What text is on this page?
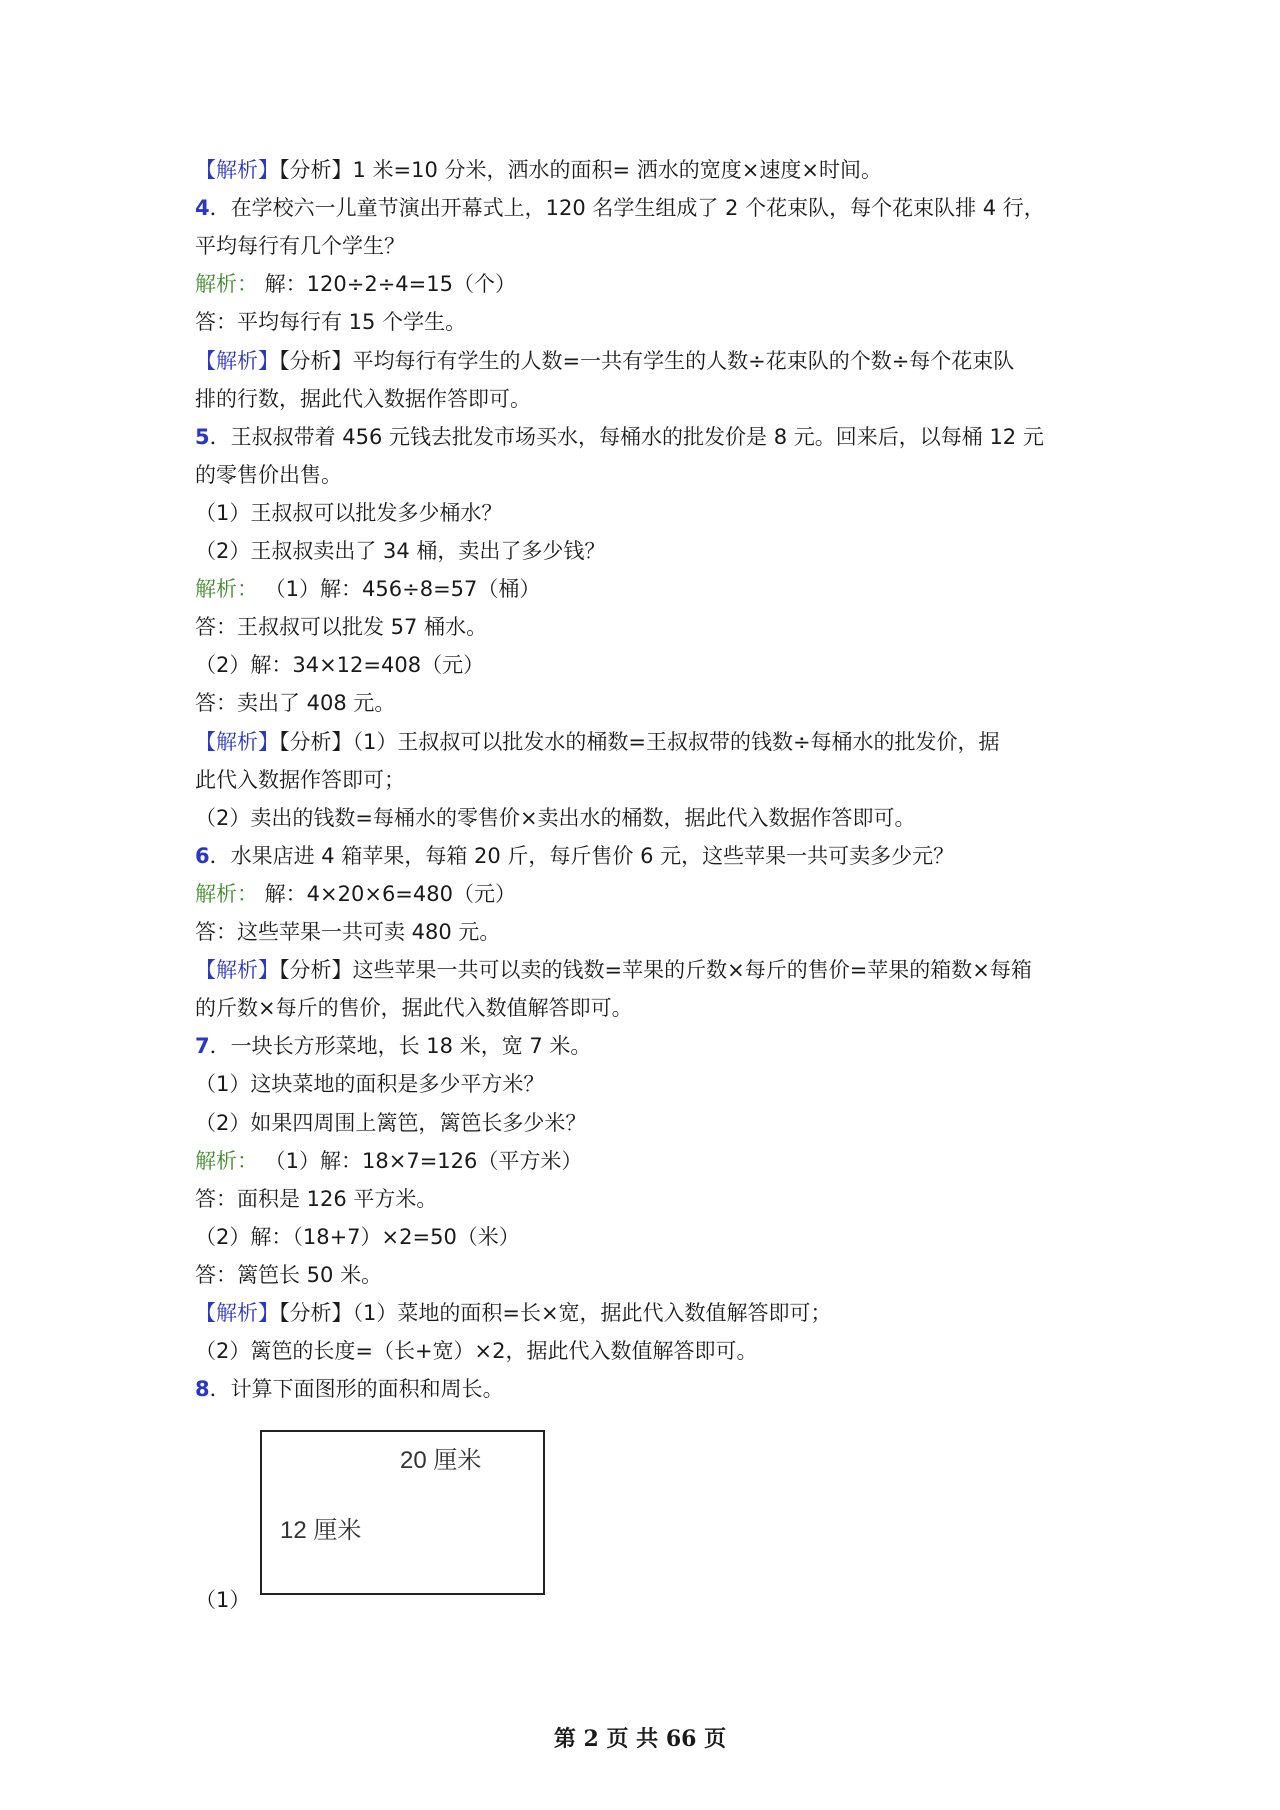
【解析】【分析】1 米=10 分米，洒水的面积= 洒水的宽度×速度×时间。
4．在学校六一儿童节演出开幕式上，120 名学生组成了 2 个花束队，每个花束队排 4 行，
平均每行有几个学生？
解析： 解：120÷2÷4=15（个）
答：平均每行有 15 个学生。
【解析】【分析】平均每行有学生的人数=一共有学生的人数÷花束队的个数÷每个花束队
排的行数，据此代入数据作答即可。
5．王叔叔带着 456 元钱去批发市场买水，每桶水的批发价是 8 元。回来后，以每桶 12 元
的零售价出售。
（1）王叔叔可以批发多少桶水？
（2）王叔叔卖出了 34 桶，卖出了多少钱？
解析： （1）解：456÷8=57（桶）
答：王叔叔可以批发 57 桶水。
（2）解：34×12=408（元）
答：卖出了 408 元。
【解析】【分析】（1）王叔叔可以批发水的桶数=王叔叔带的钱数÷每桶水的批发价，据
此代入数据作答即可；
（2）卖出的钱数=每桶水的零售价×卖出水的桶数，据此代入数据作答即可。
6．水果店进 4 箱苹果，每箱 20 斤，每斤售价 6 元，这些苹果一共可卖多少元？
解析： 解：4×20×6=480（元）
答：这些苹果一共可卖 480 元。
【解析】【分析】这些苹果一共可以卖的钱数=苹果的斤数×每斤的售价=苹果的箱数×每箱
的斤数×每斤的售价，据此代入数值解答即可。
7．一块长方形菜地，长 18 米，宽 7 米。
（1）这块菜地的面积是多少平方米？
（2）如果四周围上篱笆，篱笆长多少米？
解析： （1）解：18×7=126（平方米）
答：面积是 126 平方米。
（2）解：（18+7）×2=50（米）
答：篱笆长 50 米。
【解析】【分析】（1）菜地的面积=长×宽，据此代入数值解答即可；
（2）篱笆的长度=（长+宽）×2，据此代入数值解答即可。
8．计算下面图形的面积和周长。
20 厘米
12 厘米
（1）
第 2 页 共 66 页
